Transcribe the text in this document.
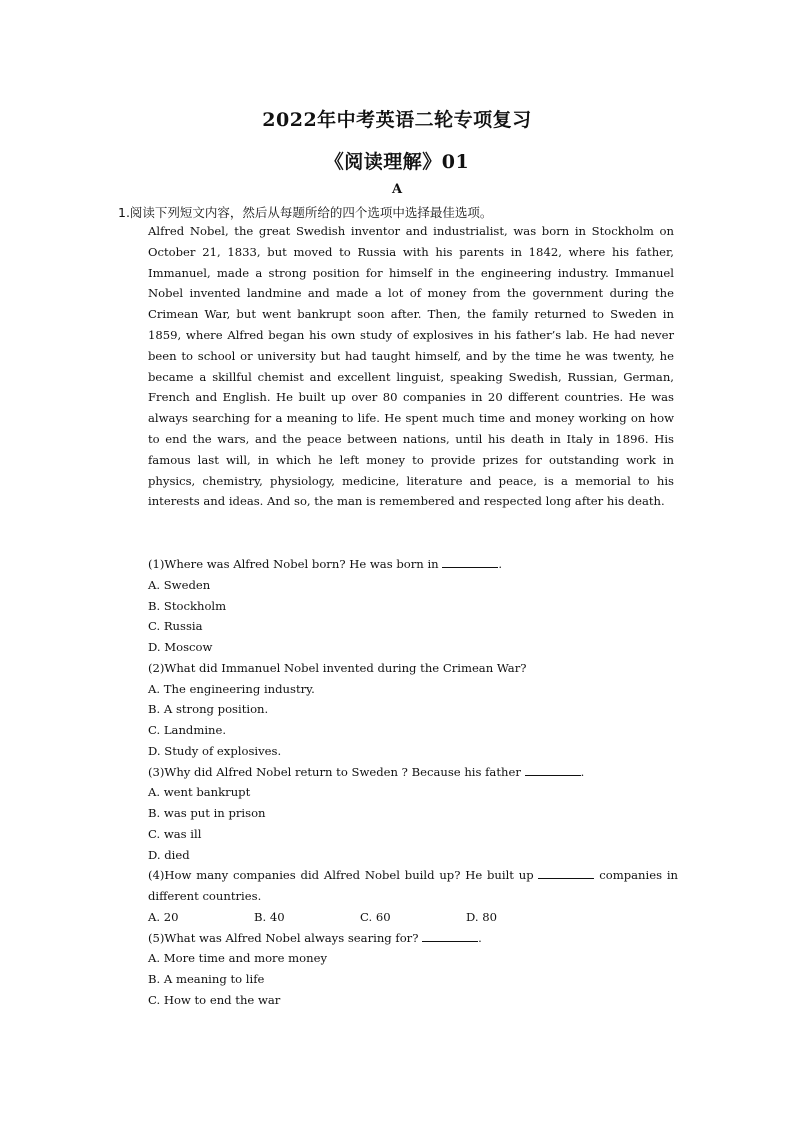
2022年中考英语二轮专项复习
《阅读理解》01
A
1.阅读下列短文内容，然后从每题所给的四个选项中选择最佳选项。
Alfred Nobel, the great Swedish inventor and industrialist, was born in Stockholm on October 21, 1833, but moved to Russia with his parents in 1842, where his father, Immanuel, made a strong position for himself in the engineering industry. Immanuel Nobel invented landmine and made a lot of money from the government during the Crimean War, but went bankrupt soon after. Then, the family returned to Sweden in 1859, where Alfred began his own study of explosives in his father’s lab. He had never been to school or university but had taught himself, and by the time he was twenty, he became a skillful chemist and excellent linguist, speaking Swedish, Russian, German, French and English. He built up over 80 companies in 20 different countries. He was always searching for a meaning to life. He spent much time and money working on how to end the wars, and the peace between nations, until his death in Italy in 1896. His famous last will, in which he left money to provide prizes for outstanding work in physics, chemistry, physiology, medicine, literature and peace, is a memorial to his interests and ideas. And so, the man is remembered and respected long after his death.
(1)Where was Alfred Nobel born? He was born in	.
A. Sweden
B. Stockholm
C. Russia
D. Moscow
(2)What did Immanuel Nobel invented during the Crimean War?
A. The engineering industry.
B. A strong position.
C. Landmine.
D. Study of explosives.
(3)Why did Alfred Nobel return to Sweden ? Because his father	.
A. went bankrupt
B. was put in prison
C. was ill
D. died
(4)How many companies did Alfred Nobel build up? He built up	companies in different countries.
A. 20	B. 40	C. 60	D. 80
(5)What was Alfred Nobel always searing for?	.
A. More time and more money
B. A meaning to life
C. How to end the war
